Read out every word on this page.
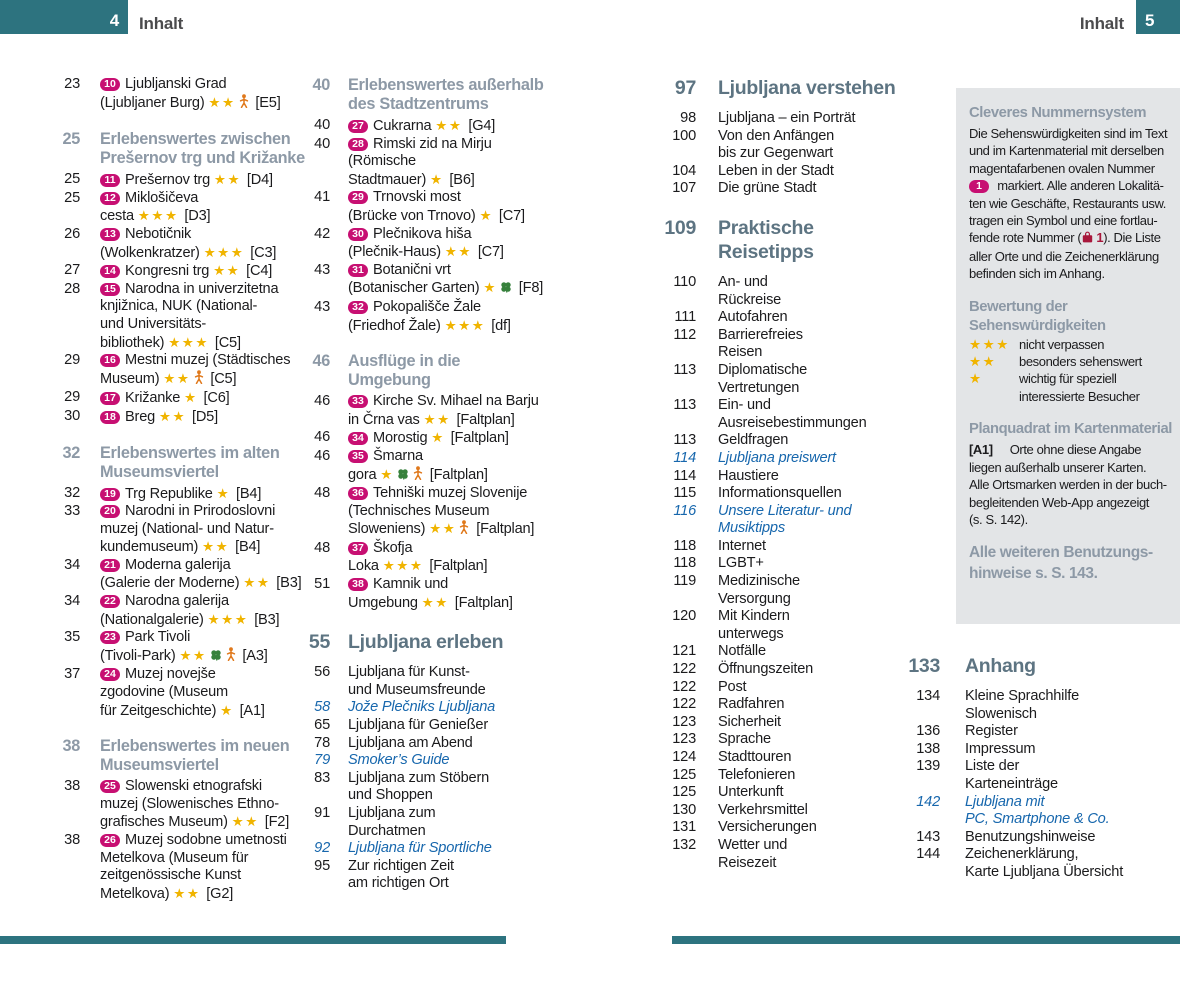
4 Inhalt	Inhalt 5
23	10 Ljubljanski Grad
(Ljubljaner Burg) ★★ [E5]
25 Erlebenswertes zwischen
Prešernov trg und Križanke
25	11 Prešernov trg ★★ [D4]
25	12 Miklošičeva
cesta ★★★ [D3]
26	13 Nebotičnik
(Wolkenkratzer) ★★★ [C3]
27	14 Kongresni trg ★★ [C4]
28	15 Narodna in univerzitetna
knjižnica, NUK (National-
und Universitäts-
bibliothek) ★★★ [C5]
29	16 Mestni muzej (Städtisches
Museum) ★★ [C5]
29	17 Križanke ★ [C6]
30	18 Breg ★★ [D5]
32 Erlebenswertes im alten
Museumsviertel
32	19 Trg Republike ★ [B4]
33	20 Narodni in Prirodoslovni
muzej (National- und Natur-
kundemuseum) ★★ [B4]
34	21 Moderna galerija
(Galerie der Moderne) ★★ [B3]
34	22 Narodna galerija
(Nationalgalerie) ★★★ [B3]
35	23 Park Tivoli
(Tivoli-Park) ★★ [A3]
37	24 Muzej novejše
zgodovine (Museum
für Zeitgeschichte) ★ [A1]
38 Erlebenswertes im neuen
Museumsviertel
38	25 Slowenski etnografski
muzej (Slowenisches Ethno-
grafisches Museum) ★★ [F2]
38	26 Muzej sodobne umetnosti
Metelkova (Museum für
zeitgenössische Kunst
Metelkova) ★★ [G2]
40 Erlebenswertes außerhalb
des Stadtzentrums
40	27 Cukrarna ★★ [G4]
40	28 Rimski zid na Mirju
(Römische
Stadtmauer) ★ [B6]
41	29 Trnovski most
(Brücke von Trnovo) ★ [C7]
42	30 Plečnikova hiša
(Plečnik-Haus) ★★ [C7]
43	31 Botanični vrt
(Botanischer Garten) ★ [F8]
43	32 Pokopališče Žale
(Friedhof Žale) ★★★ [df]
46 Ausflüge in die
Umgebung
46	33 Kirche Sv. Mihael na Barju
in Črna vas ★★ [Faltplan]
46	34 Morostig ★ [Faltplan]
46	35 Šmarna
gora ★ [Faltplan]
48	36 Tehniški muzej Slovenije
(Technisches Museum
Sloweniens) ★★ [Faltplan]
48	37 Škofja
Loka ★★★ [Faltplan]
51	38 Kamnik und
Umgebung ★★ [Faltplan]
55 Ljubljana erleben
56 Ljubljana für Kunst-
und Museumsfreunde
58 Jože Plečniks Ljubljana
65 Ljubljana für Genießer
78 Ljubljana am Abend
79 Smoker’s Guide
83 Ljubljana zum Stöbern
und Shoppen
91 Ljubljana zum
Durchatmen
92 Ljubljana für Sportliche
95 Zur richtigen Zeit
am richtigen Ort
97 Ljubljana verstehen
98 Ljubljana – ein Porträt
100 Von den Anfängen
bis zur Gegenwart
104 Leben in der Stadt
107 Die grüne Stadt
109 Praktische
Reisetipps
110 An- und
Rückreise
111 Autofahren
112 Barrierefreies
Reisen
113 Diplomatische
Vertretungen
113 Ein- und
Ausreisebestimmungen
113 Geldfragen
114 Ljubljana preiswert
114 Haustiere
115 Informationsquellen
116 Unsere Literatur- und
Musiktipps
118 Internet
118 LGBT+
119 Medizinische
Versorgung
120 Mit Kindern
unterwegs
121 Notfälle
122 Öffnungszeiten
122 Post
122 Radfahren
123 Sicherheit
123 Sprache
124 Stadttouren
125 Telefonieren
125 Unterkunft
130 Verkehrsmittel
131 Versicherungen
132 Wetter und
Reisezeit
Cleveres Nummernsystem
Die Sehenswürdigkeiten sind im Text
und im Kartenmaterial mit derselben
magentafarbenen ovalen Nummer
1 markiert. Alle anderen Lokalitä-
ten wie Geschäfte, Restaurants usw.
tragen ein Symbol und eine fortlau-
fende rote Nummer ( 1). Die Liste
aller Orte und die Zeichenerklärung
befinden sich im Anhang.
Bewertung der
Sehenswürdigkeiten
★★★ nicht verpassen
★★	besonders sehenswert
★	wichtig für speziell
interessierte Besucher
Planquadrat im Kartenmaterial
[A1] Orte ohne diese Angabe
liegen außerhalb unserer Karten.
Alle Ortsmarken werden in der buch-
begleitenden Web-App angezeigt
(s. S. 142).
Alle weiteren Benutzungs-
hinweise s. S. 143.
133 Anhang
134 Kleine Sprachhilfe
Slowenisch
136 Register
138 Impressum
139 Liste der
Karteneinträge
142 Ljubljana mit
PC, Smartphone & Co.
143 Benutzungshinweise
144 Zeichenerklärung,
Karte Ljubljana Übersicht
